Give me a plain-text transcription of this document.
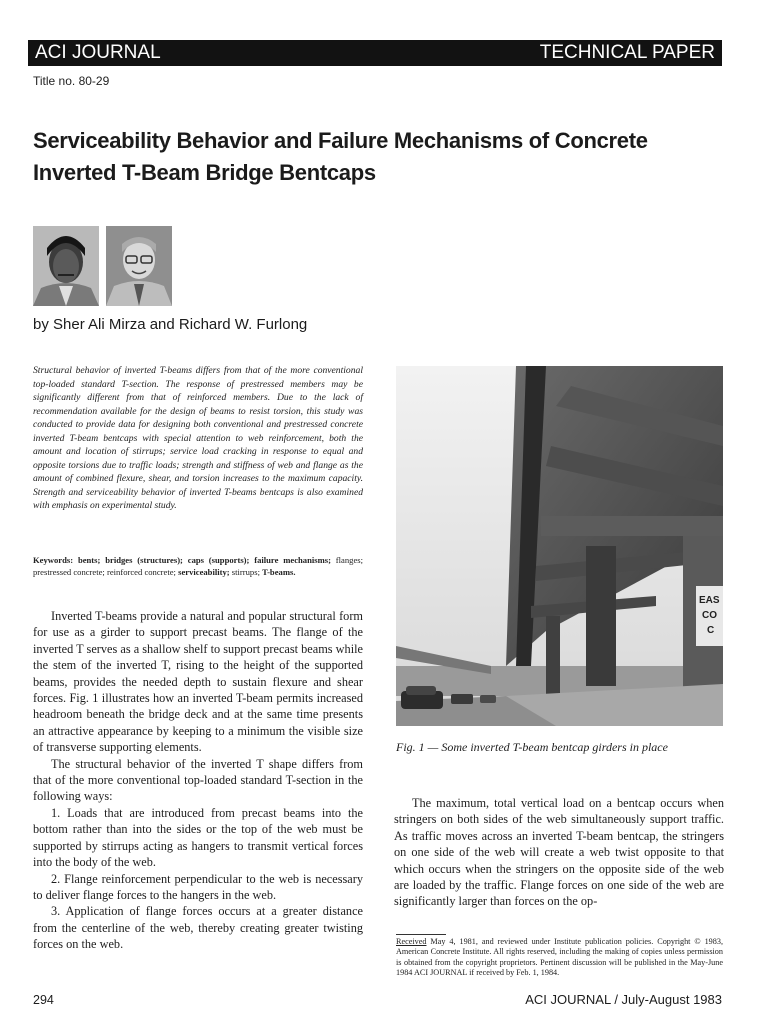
ACI JOURNAL	TECHNICAL PAPER
Title no. 80-29
Serviceability Behavior and Failure Mechanisms of Concrete
Inverted T-Beam Bridge Bentcaps
by Sher Ali Mirza and Richard W. Furlong
Structural behavior of inverted T-beams differs from that of the more conventional top-loaded standard T-section. The response of prestressed members may be significantly different from that of reinforced members. Due to the lack of recommendation available for the design of beams to resist torsion, this study was conducted to provide data for designing both conventional and prestressed concrete inverted T-beam bentcaps with special attention to web reinforcement, both the amount and location of stirrups; service load cracking in response to equal and opposite torsions due to traffic loads; strength and stiffness of web and flange as the amount of combined flexure, shear, and torsion increases to the maximum capacity. Strength and serviceability behavior of inverted T-beams bentcaps is also examined with emphasis on experimental study.
Keywords: bents; bridges (structures); caps (supports); failure mechanisms; flanges; prestressed concrete; reinforced concrete; serviceability; stirrups; T-beams.

Inverted T-beams provide a natural and popular structural form for use as a girder to support precast beams. The flange of the inverted T serves as a shallow shelf to support precast beams while the stem of the inverted T, rising to the height of the supported beams, provides the needed depth to sustain flexure and shear forces. Fig. 1 illustrates how an inverted T-beam permits increased headroom beneath the bridge deck and at the same time presents an attractive appearance by keeping to a minimum the visible size of transverse supporting elements.

The structural behavior of the inverted T shape differs from that of the more conventional top-loaded standard T-section in the following ways:

1. Loads that are introduced from precast beams into the bottom rather than into the sides or the top of the web must be supported by stirrups acting as hangers to transmit vertical forces into the body of the web.

2. Flange reinforcement perpendicular to the web is necessary to deliver flange forces to the hangers in the web.

3. Application of flange forces occurs at a greater distance from the centerline of the web, thereby creating greater twisting forces on the web.

EAS
CO
C
Fig. 1 — Some inverted T-beam bentcap girders in place

The maximum, total vertical load on a bentcap occurs when stringers on both sides of the web simultaneously support traffic. As traffic moves across an inverted T-beam bentcap, the stringers on one side of the web will create a web twist opposite to that which occurs when the stringers on the opposite side of the web are loaded by the traffic. Flange forces on one side of the web are significantly larger than forces on the op-

Received May 4, 1981, and reviewed under Institute publication policies. Copyright © 1983, American Concrete Institute. All rights reserved, including the making of copies unless permission is obtained from the copyright proprietors. Pertinent discussion will be published in the May-June 1984 ACI JOURNAL if received by Feb. 1, 1984.
294	ACI JOURNAL / July-August 1983
